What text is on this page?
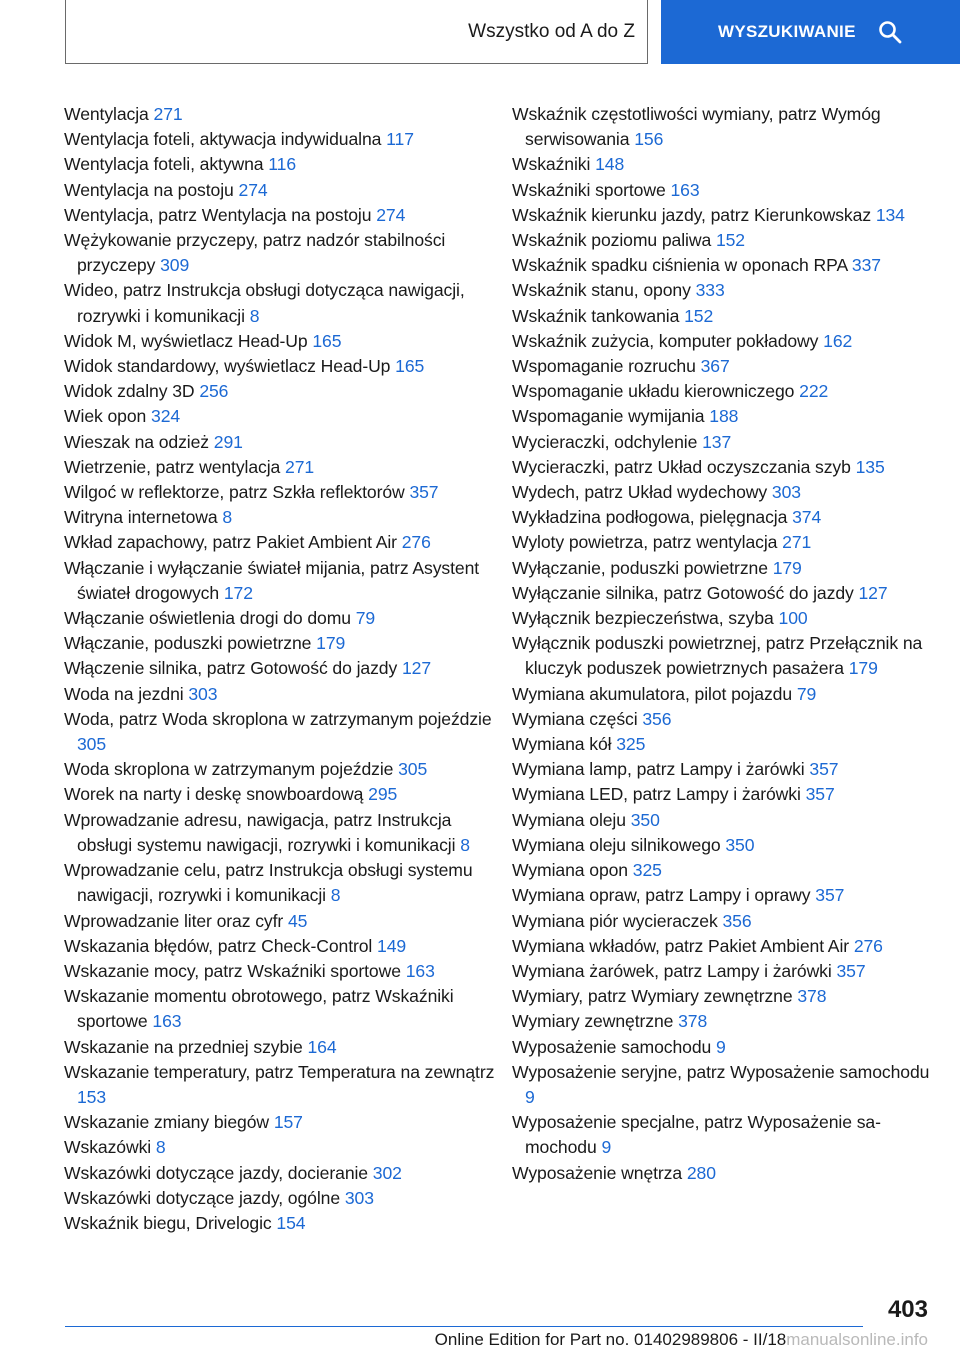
Wszystko od A do Z	WYSZUKIWANIE
Wentylacja 271
Wentylacja foteli, aktywacja indywidualna 117
Wentylacja foteli, aktywna 116
Wentylacja na postoju 274
Wentylacja, patrz Wentylacja na postoju 274
Wężykowanie przyczepy, patrz nadzór stabilności przyczepy 309
Wideo, patrz Instrukcja obsługi dotycząca nawigacji, rozrywki i komunikacji 8
Widok M, wyświetlacz Head-Up 165
Widok standardowy, wyświetlacz Head-Up 165
Widok zdalny 3D 256
Wiek opon 324
Wieszak na odzież 291
Wietrzenie, patrz wentylacja 271
Wilgoć w reflektorze, patrz Szkła reflektorów 357
Witryna internetowa 8
Wkład zapachowy, patrz Pakiet Ambient Air 276
Włączanie i wyłączanie świateł mijania, patrz Asystent świateł drogowych 172
Włączanie oświetlenia drogi do domu 79
Włączanie, poduszki powietrzne 179
Włączenie silnika, patrz Gotowość do jazdy 127
Woda na jezdni 303
Woda, patrz Woda skroplona w zatrzymanym pojeździe 305
Woda skroplona w zatrzymanym pojeździe 305
Worek na narty i deskę snowboardową 295
Wprowadzanie adresu, nawigacja, patrz Instrukcja obsługi systemu nawigacji, rozrywki i komunikacji 8
Wprowadzanie celu, patrz Instrukcja obsługi systemu nawigacji, rozrywki i komunikacji 8
Wprowadzanie liter oraz cyfr 45
Wskazania błędów, patrz Check-Control 149
Wskazanie mocy, patrz Wskaźniki sportowe 163
Wskazanie momentu obrotowego, patrz Wskaźniki sportowe 163
Wskazanie na przedniej szybie 164
Wskazanie temperatury, patrz Temperatura na zewnątrz 153
Wskazanie zmiany biegów 157
Wskazówki 8
Wskazówki dotyczące jazdy, docieranie 302
Wskazówki dotyczące jazdy, ogólne 303
Wskaźnik biegu, Drivelogic 154
Wskaźnik częstotliwości wymiany, patrz Wymóg serwisowania 156
Wskaźniki 148
Wskaźniki sportowe 163
Wskaźnik kierunku jazdy, patrz Kierunkowskaz 134
Wskaźnik poziomu paliwa 152
Wskaźnik spadku ciśnienia w oponach RPA 337
Wskaźnik stanu, opony 333
Wskaźnik tankowania 152
Wskaźnik zużycia, komputer pokładowy 162
Wspomaganie rozruchu 367
Wspomaganie układu kierowniczego 222
Wspomaganie wymijania 188
Wycieraczki, odchylenie 137
Wycieraczki, patrz Układ oczyszczania szyb 135
Wydech, patrz Układ wydechowy 303
Wykładzina podłogowa, pielęgnacja 374
Wyloty powietrza, patrz wentylacja 271
Wyłączanie, poduszki powietrzne 179
Wyłączanie silnika, patrz Gotowość do jazdy 127
Wyłącznik bezpieczeństwa, szyba 100
Wyłącznik poduszki powietrznej, patrz Przełącznik na kluczyk poduszek powietrznych pasażera 179
Wymiana akumulatora, pilot pojazdu 79
Wymiana części 356
Wymiana kół 325
Wymiana lamp, patrz Lampy i żarówki 357
Wymiana LED, patrz Lampy i żarówki 357
Wymiana oleju 350
Wymiana oleju silnikowego 350
Wymiana opon 325
Wymiana opraw, patrz Lampy i oprawy 357
Wymiana piór wycieraczek 356
Wymiana wkładów, patrz Pakiet Ambient Air 276
Wymiana żarówek, patrz Lampy i żarówki 357
Wymiary, patrz Wymiary zewnętrzne 378
Wymiary zewnętrzne 378
Wyposażenie samochodu 9
Wyposażenie seryjne, patrz Wyposażenie samochodu 9
Wyposażenie specjalne, patrz Wyposażenie samochodu 9
Wyposażenie wnętrza 280
403
Online Edition for Part no. 01402989806 - II/18manualsonline.info
